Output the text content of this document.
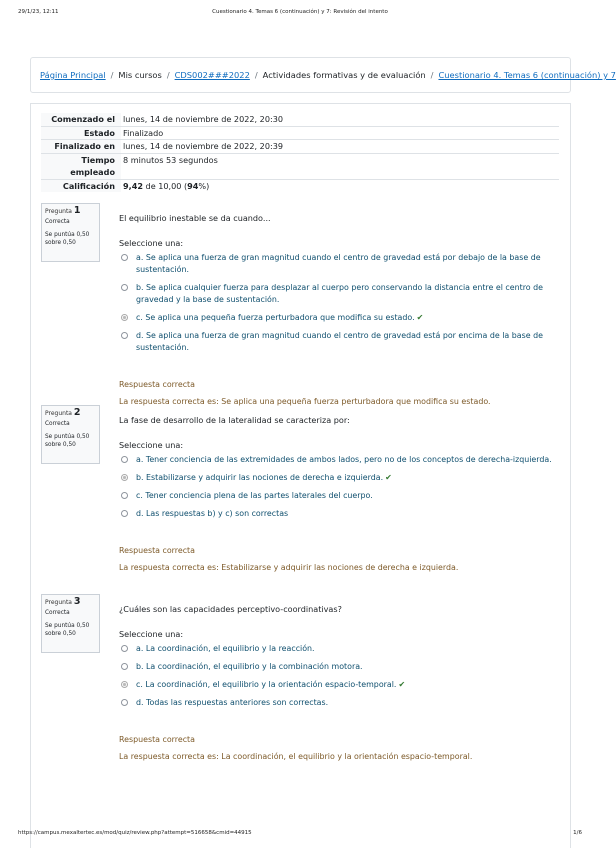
29/1/23, 12:11	Cuestionario 4. Temas 6 (continuación) y 7: Revisión del intento
Página Principal / Mis cursos / CDS002###2022 / Actividades formativas y de evaluación / Cuestionario 4. Temas 6 (continuación) y 7
Comenzado el lunes, 14 de noviembre de 2022, 20:30
Estado Finalizado
Finalizado en lunes, 14 de noviembre de 2022, 20:39
Tiempo empleado
8 minutos 53 segundos
Calificación 9,42 de 10,00 (94%)
Pregunta 1
Correcta
Se puntúa 0,50 sobre 0,50
El equilibrio inestable se da cuando...
Seleccione una:
a. Se aplica una fuerza de gran magnitud cuando el centro de gravedad está por debajo de la base de sustentación.
b. Se aplica cualquier fuerza para desplazar al cuerpo pero conservando la distancia entre el centro de gravedad y la base de sustentación.
c. Se aplica una pequeña fuerza perturbadora que modifica su estado. ✔
d. Se aplica una fuerza de gran magnitud cuando el centro de gravedad está por encima de la base de sustentación.
Respuesta correcta
La respuesta correcta es: Se aplica una pequeña fuerza perturbadora que modifica su estado.
Pregunta 2
Correcta
Se puntúa 0,50 sobre 0,50
La fase de desarrollo de la lateralidad se caracteriza por:
Seleccione una:
a. Tener conciencia de las extremidades de ambos lados, pero no de los conceptos de derecha-izquierda.
b. Estabilizarse y adquirir las nociones de derecha e izquierda. ✔
c. Tener conciencia plena de las partes laterales del cuerpo.
d. Las respuestas b) y c) son correctas
Respuesta correcta
La respuesta correcta es: Estabilizarse y adquirir las nociones de derecha e izquierda.
Pregunta 3
Correcta
Se puntúa 0,50 sobre 0,50
¿Cuáles son las capacidades perceptivo-coordinativas?
Seleccione una:
a. La coordinación, el equilibrio y la reacción.
b. La coordinación, el equilibrio y la combinación motora.
c. La coordinación, el equilibrio y la orientación espacio-temporal. ✔
d. Todas las respuestas anteriores son correctas.
Respuesta correcta
La respuesta correcta es: La coordinación, el equilibrio y la orientación espacio-temporal.
https://campus.mexaltertec.es/mod/quiz/review.php?attempt=516658&cmid=44915	1/6
